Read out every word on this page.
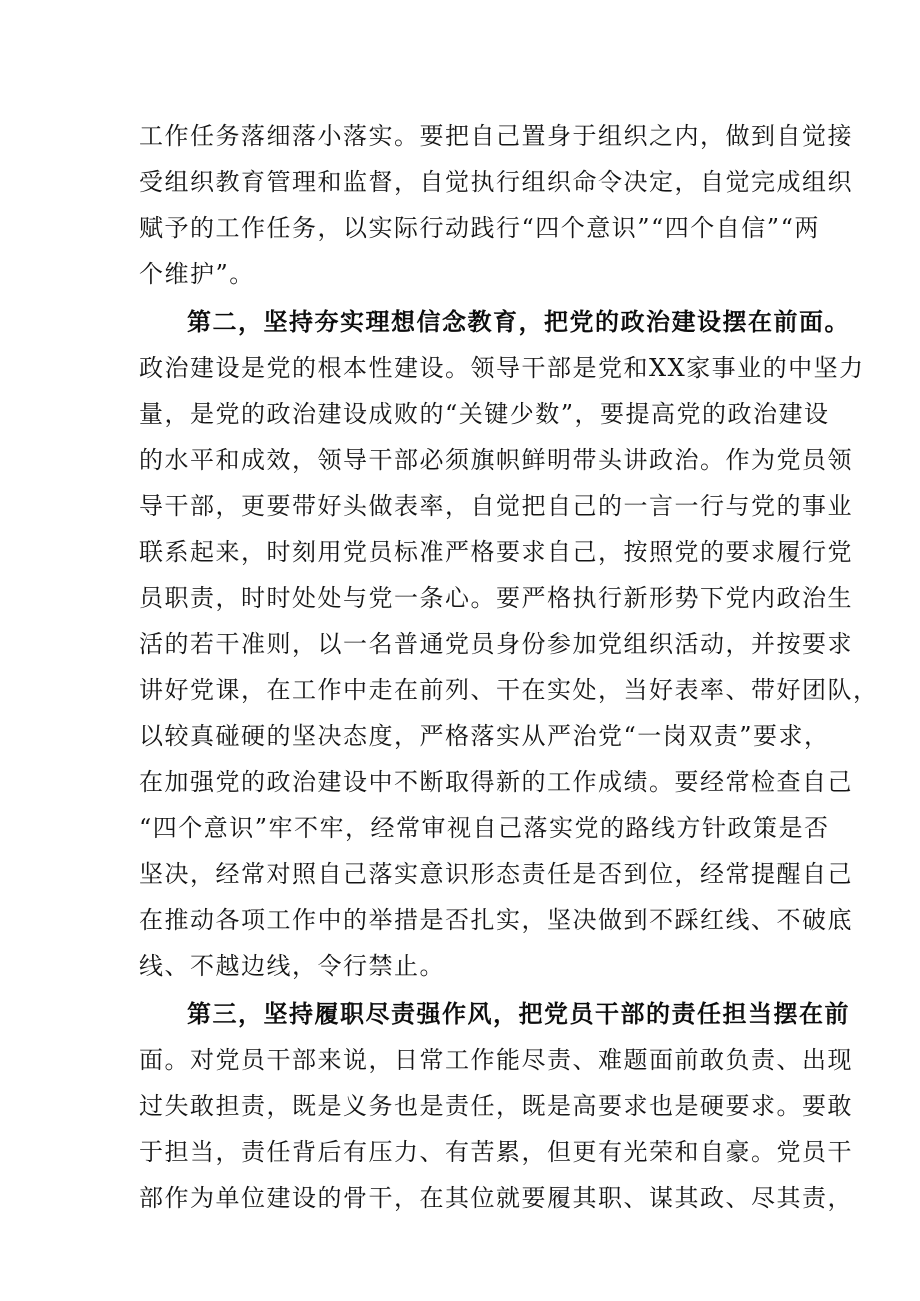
工作任务落细落小落实。要把自己置身于组织之内，做到自觉接

受组织教育管理和监督，自觉执行组织命令决定，自觉完成组织

赋予的工作任务，以实际行动践行“四个意识”“四个自信”“两

个维护”。

第二，坚持夯实理想信念教育，把党的政治建设摆在前面。

政治建设是党的根本性建设。领导干部是党和XX家事业的中坚力

量，是党的政治建设成败的“关键少数”，要提高党的政治建设

的水平和成效，领导干部必须旗帜鲜明带头讲政治。作为党员领

导干部，更要带好头做表率，自觉把自己的一言一行与党的事业

联系起来，时刻用党员标准严格要求自己，按照党的要求履行党

员职责，时时处处与党一条心。要严格执行新形势下党内政治生

活的若干准则，以一名普通党员身份参加党组织活动，并按要求

讲好党课，在工作中走在前列、干在实处，当好表率、带好团队，

以较真碰硬的坚决态度，严格落实从严治党“一岗双责”要求，

在加强党的政治建设中不断取得新的工作成绩。要经常检查自己

“四个意识”牢不牢，经常审视自己落实党的路线方针政策是否

坚决，经常对照自己落实意识形态责任是否到位，经常提醒自己

在推动各项工作中的举措是否扎实，坚决做到不踩红线、不破底

线、不越边线，令行禁止。

第三，坚持履职尽责强作风，把党员干部的责任担当摆在前

面。对党员干部来说，日常工作能尽责、难题面前敢负责、出现

过失敢担责，既是义务也是责任，既是高要求也是硬要求。要敢

于担当，责任背后有压力、有苦累，但更有光荣和自豪。党员干

部作为单位建设的骨干，在其位就要履其职、谋其政、尽其责，
